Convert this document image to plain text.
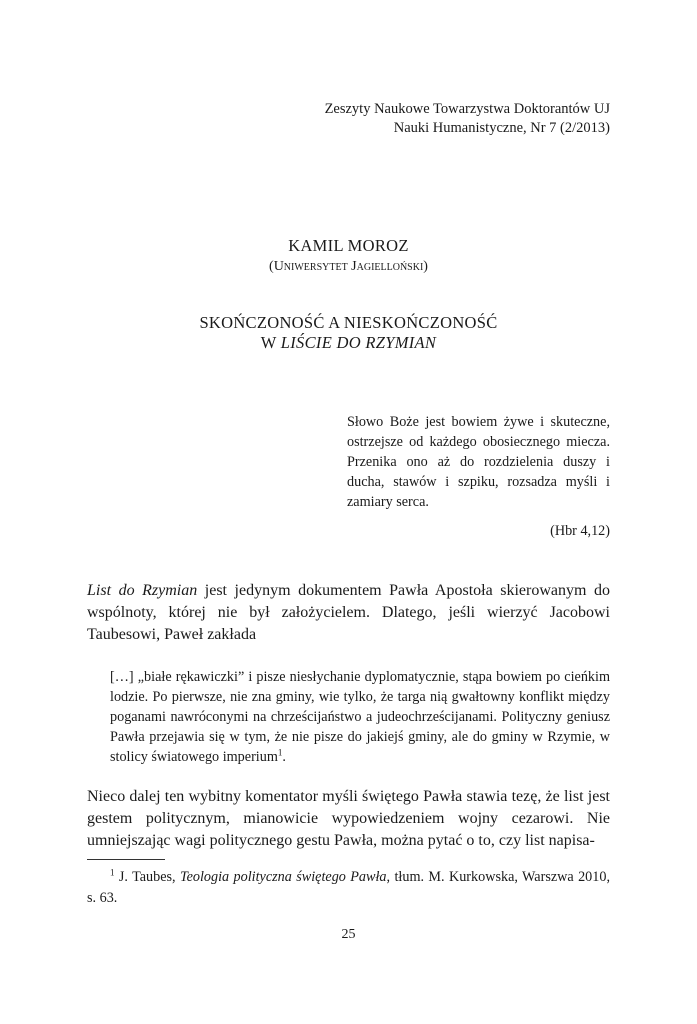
Zeszyty Naukowe Towarzystwa Doktorantów UJ
Nauki Humanistyczne, Nr 7 (2/2013)
KAMIL MOROZ
(Uniwersytet Jagielloński)
SKOŃCZONOŚĆ A NIESKOŃCZONOŚĆ
W LIŚCIE DO RZYMIAN

Słowo Boże jest bowiem żywe i skuteczne, ostrzejsze od każdego obosiecznego miecza. Przenika ono aż do rozdzielenia duszy i ducha, stawów i szpiku, rozsadza myśli i zamiary serca.

(Hbr 4,12)
List do Rzymian jest jedynym dokumentem Pawła Apostoła skierowanym do wspólnoty, której nie był założycielem. Dlatego, jeśli wierzyć Jacobowi Taubesowi, Paweł zakłada
[…] „białe rękawiczki” i pisze niesłychanie dyplomatycznie, stąpa bowiem po cieńkim lodzie. Po pierwsze, nie zna gminy, wie tylko, że targa nią gwałtowny konflikt między poganami nawróconymi na chrześcijaństwo a judeochrześcijanami. Polityczny geniusz Pawła przejawia się w tym, że nie pisze do jakiejś gminy, ale do gminy w Rzymie, w stolicy światowego imperium$^1$.
Nieco dalej ten wybitny komentator myśli świętego Pawła stawia tezę, że list jest gestem politycznym, mianowicie wypowiedzeniem wojny cezarowi. Nie umniejszając wagi politycznego gestu Pawła, można pytać o to, czy list napisa-
$^1$ J. Taubes, Teologia polityczna świętego Pawła, tłum. M. Kurkowska, Warszwa 2010, s. 63.
25
